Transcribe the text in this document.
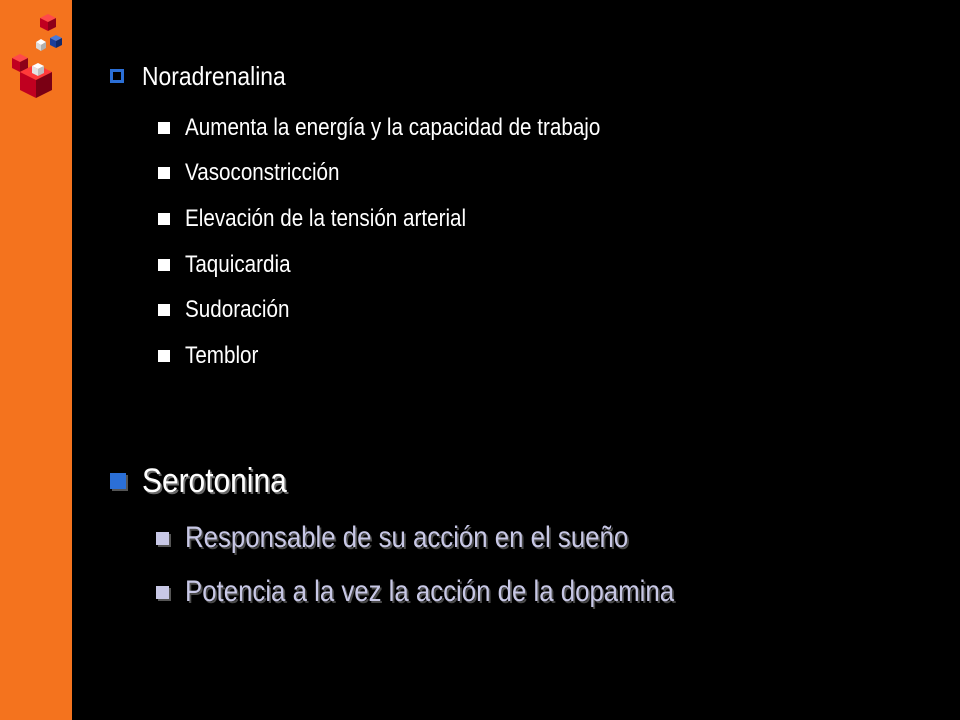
Noradrenalina
Aumenta la energía y la capacidad de trabajo
Vasoconstricción
Elevación de la tensión arterial
Taquicardia
Sudoración
Temblor
Serotonina
Responsable de su acción en el sueño
Potencia a la vez la acción de la dopamina
